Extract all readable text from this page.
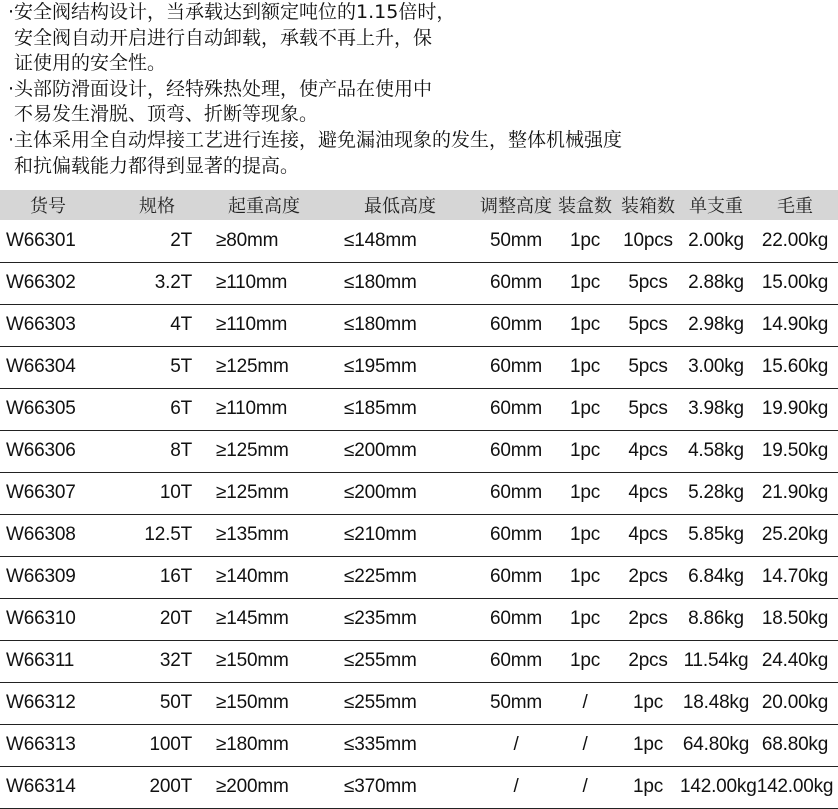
·安全阀结构设计，当承载达到额定吨位的1.15倍时，
安全阀自动开启进行自动卸载，承载不再上升，保
证使用的安全性。
·头部防滑面设计，经特殊热处理，使产品在使用中
不易发生滑脱、顶弯、折断等现象。
·主体采用全自动焊接工艺进行连接，避免漏油现象的发生，整体机械强度
和抗偏载能力都得到显著的提高。
货号	规格	起重高度	最低高度	调整高度	装盒数	装箱数	单支重	毛重
W66301	2T	≥80mm	≤148mm	50mm	1pc	10pcs	2.00kg	22.00kg
W66302	3.2T	≥110mm	≤180mm	60mm	1pc	5pcs	2.88kg	15.00kg
W66303	4T	≥110mm	≤180mm	60mm	1pc	5pcs	2.98kg	14.90kg
W66304	5T	≥125mm	≤195mm	60mm	1pc	5pcs	3.00kg	15.60kg
W66305	6T	≥110mm	≤185mm	60mm	1pc	5pcs	3.98kg	19.90kg
W66306	8T	≥125mm	≤200mm	60mm	1pc	4pcs	4.58kg	19.50kg
W66307	10T	≥125mm	≤200mm	60mm	1pc	4pcs	5.28kg	21.90kg
W66308	12.5T	≥135mm	≤210mm	60mm	1pc	4pcs	5.85kg	25.20kg
W66309	16T	≥140mm	≤225mm	60mm	1pc	2pcs	6.84kg	14.70kg
W66310	20T	≥145mm	≤235mm	60mm	1pc	2pcs	8.86kg	18.50kg
W66311	32T	≥150mm	≤255mm	60mm	1pc	2pcs	11.54kg	24.40kg
W66312	50T	≥150mm	≤255mm	50mm	/	1pc	18.48kg	20.00kg
W66313	100T	≥180mm	≤335mm	/	/	1pc	64.80kg	68.80kg
W66314	200T	≥200mm	≤370mm	/	/	1pc	142.00kg	142.00kg
